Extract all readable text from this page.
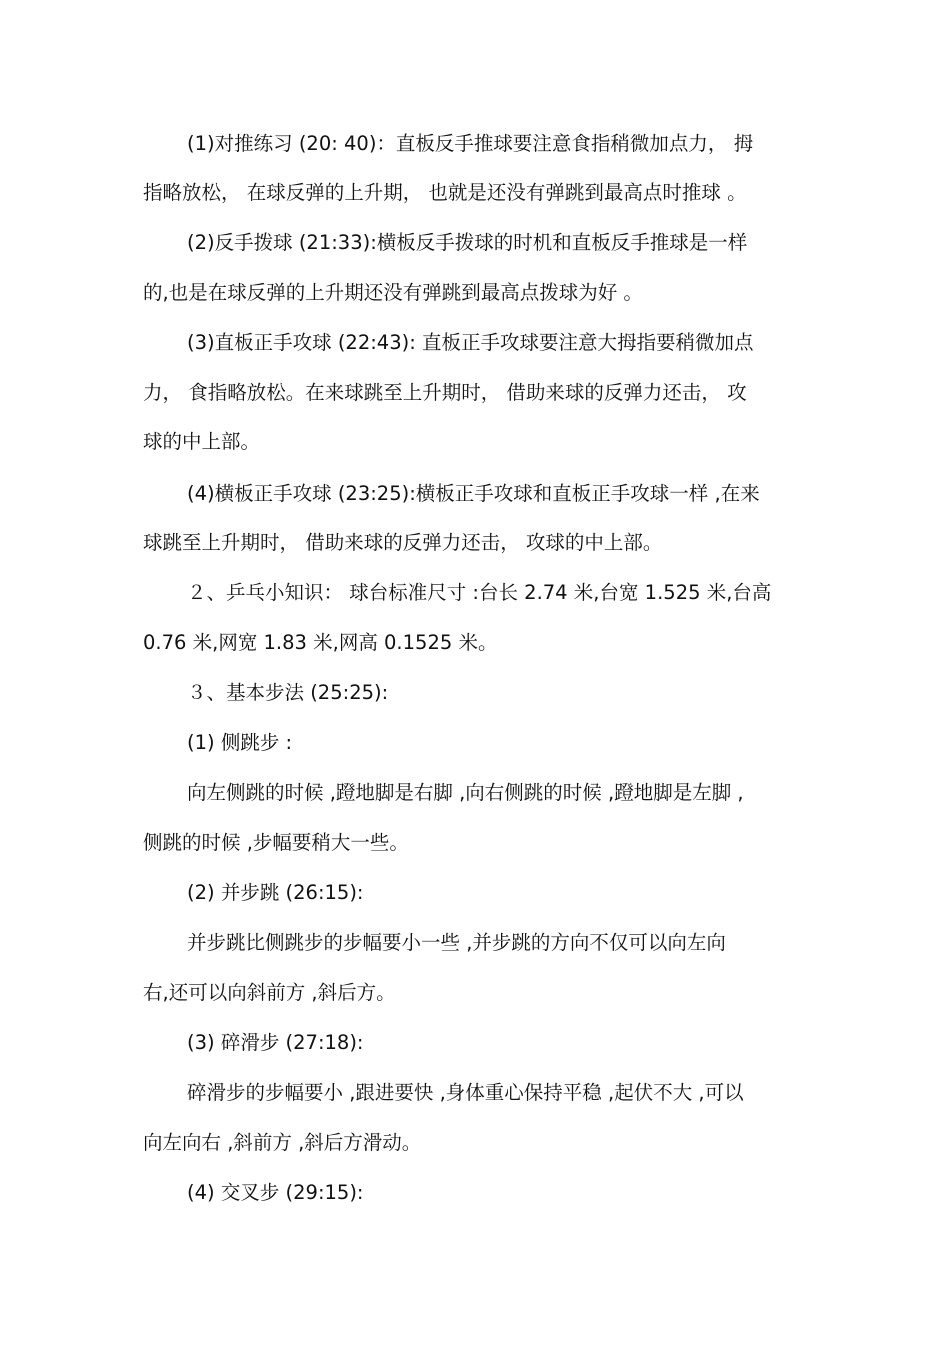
(1)对推练习 (20: 40)：直板反手推球要注意食指稍微加点力， 拇
指略放松， 在球反弹的上升期， 也就是还没有弹跳到最高点时推球 。
(2)反手拨球 (21:33):横板反手拨球的时机和直板反手推球是一样
的,也是在球反弹的上升期还没有弹跳到最高点拨球为好 。
(3)直板正手攻球 (22:43): 直板正手攻球要注意大拇指要稍微加点
力， 食指略放松。在来球跳至上升期时， 借助来球的反弹力还击， 攻
球的中上部。
(4)横板正手攻球 (23:25):横板正手攻球和直板正手攻球一样 ,在来
球跳至上升期时， 借助来球的反弹力还击， 攻球的中上部。
２、乒乓小知识： 球台标准尺寸 :台长 2.74 米,台宽 1.525 米,台高
0.76 米,网宽 1.83 米,网高 0.1525 米。
３、基本步法 (25:25):
(1) 侧跳步 :
向左侧跳的时候 ,蹬地脚是右脚 ,向右侧跳的时候 ,蹬地脚是左脚 ,
侧跳的时候 ,步幅要稍大一些。
(2) 并步跳 (26:15):
并步跳比侧跳步的步幅要小一些 ,并步跳的方向不仅可以向左向
右,还可以向斜前方 ,斜后方。
(3) 碎滑步 (27:18):
碎滑步的步幅要小 ,跟进要快 ,身体重心保持平稳 ,起伏不大 ,可以
向左向右 ,斜前方 ,斜后方滑动。
(4) 交叉步 (29:15):
